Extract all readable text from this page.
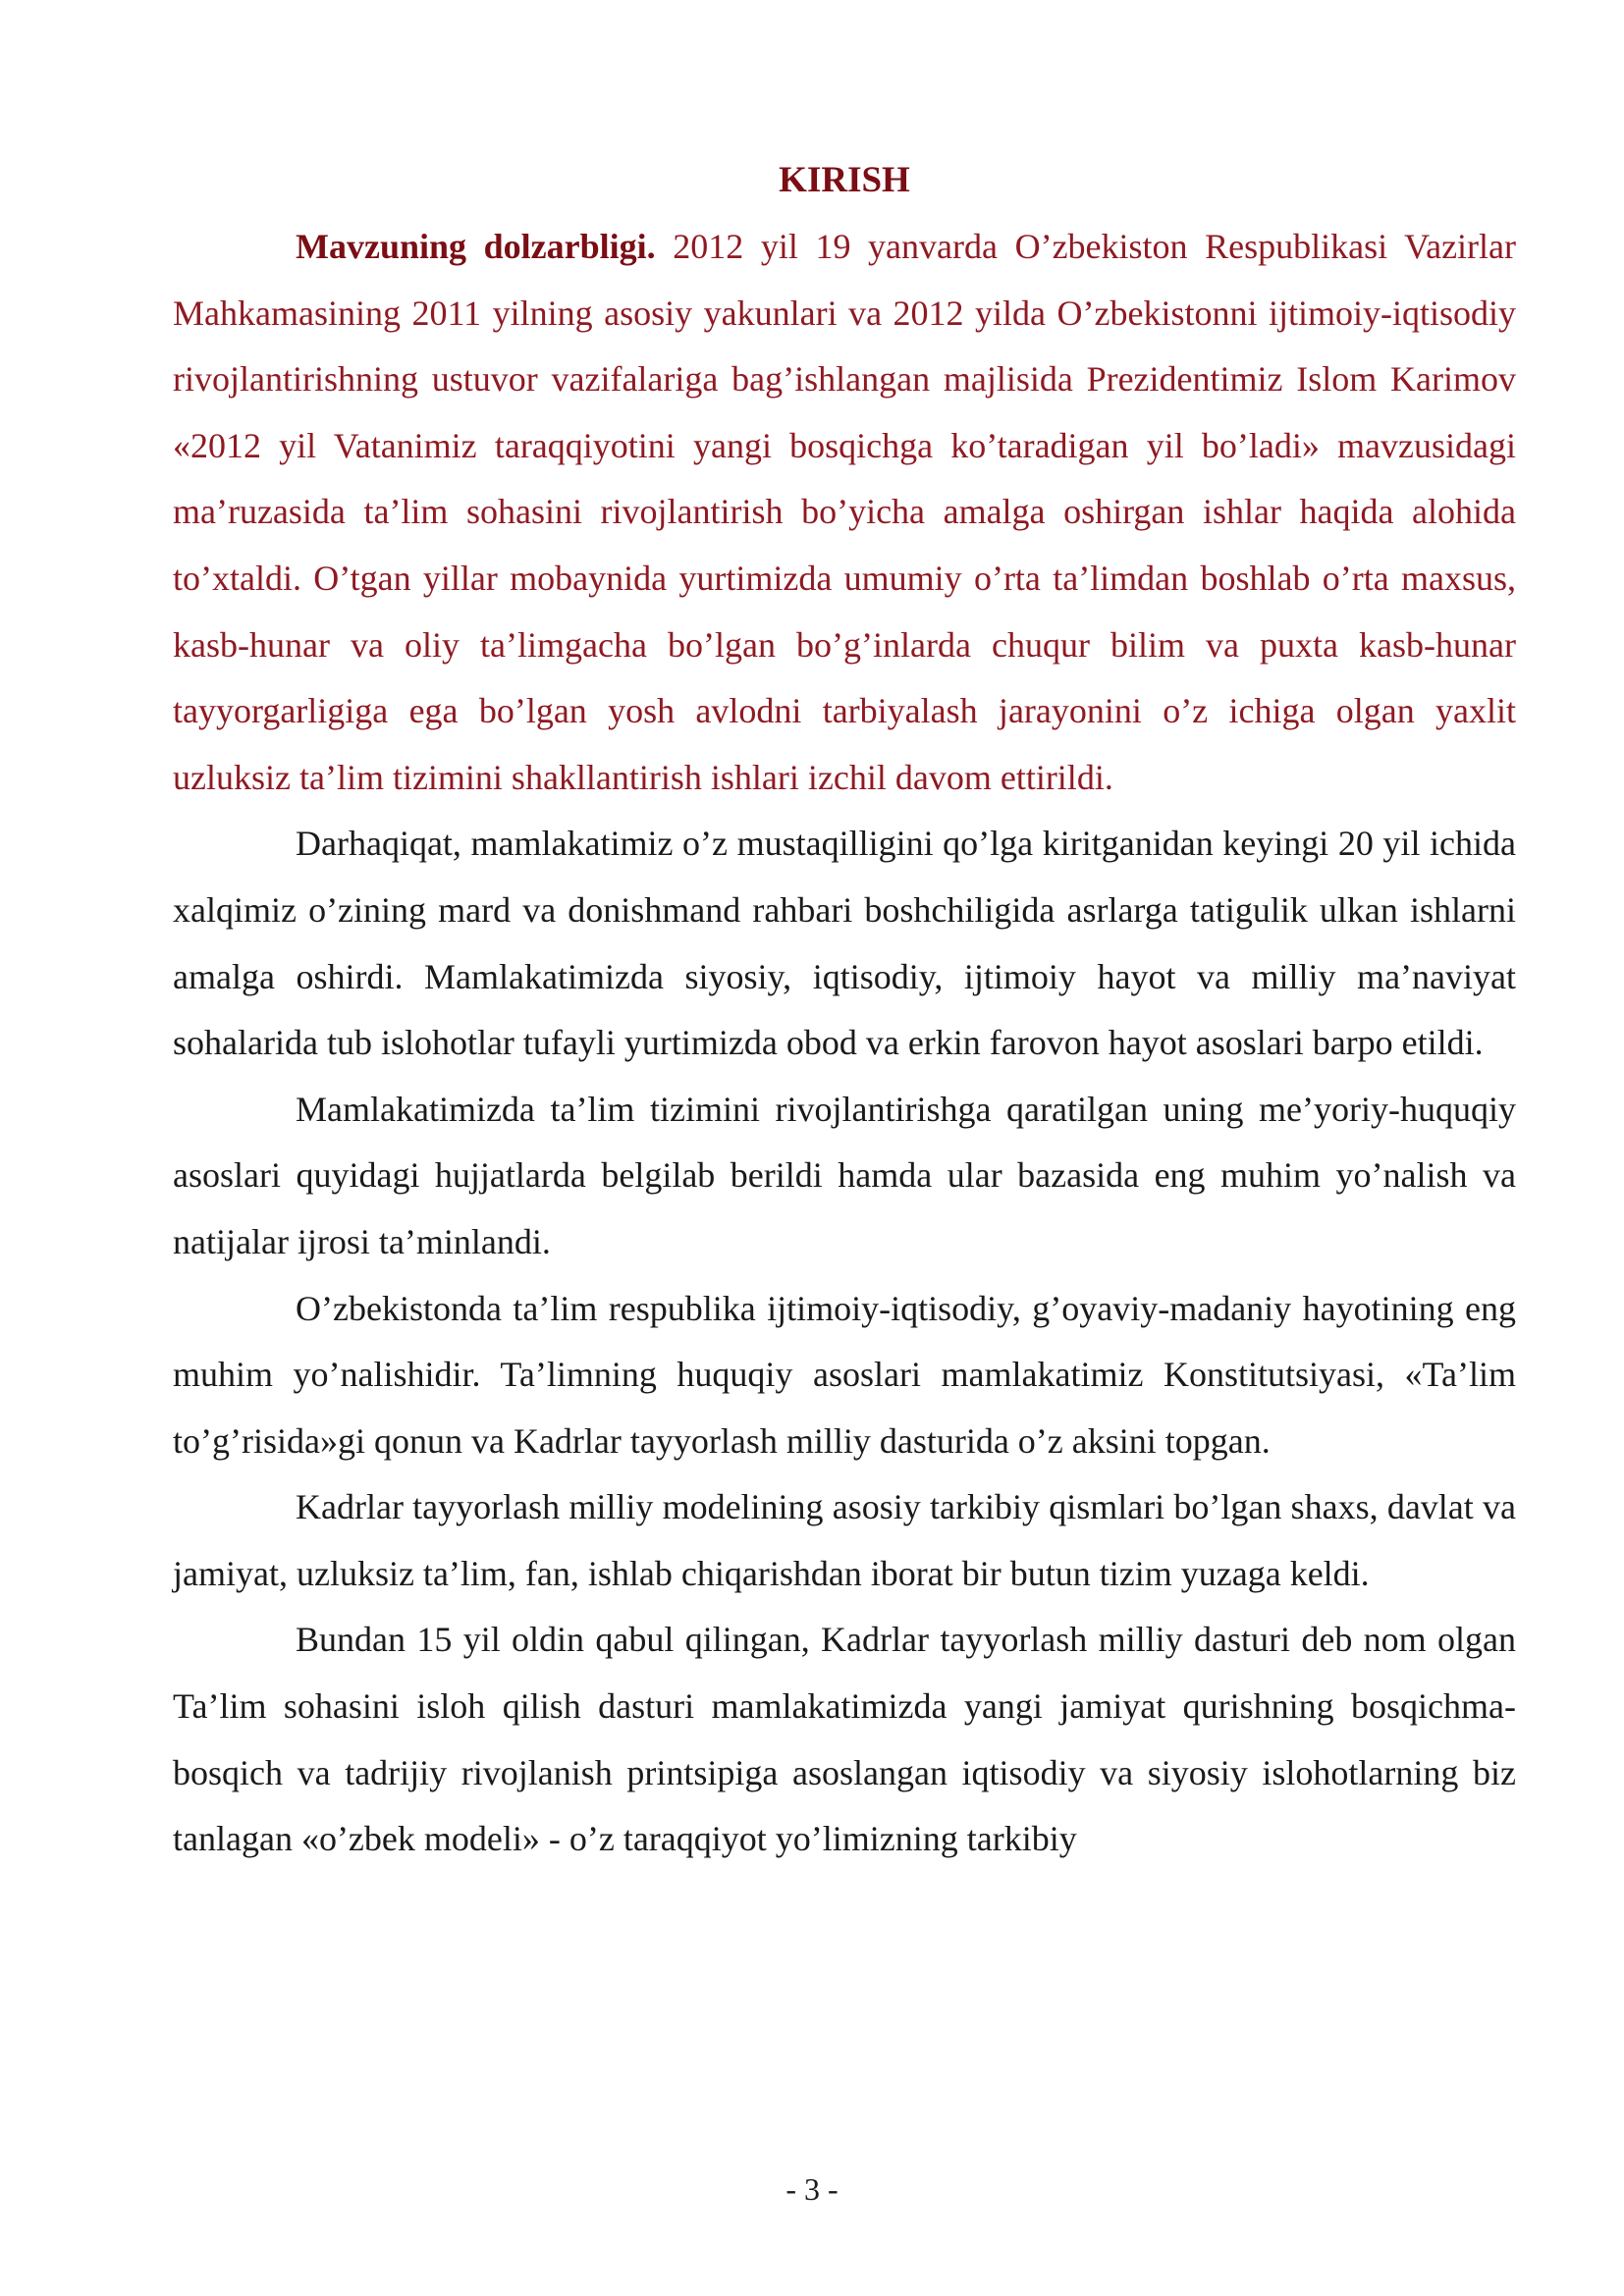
KIRISH

Mavzuning dolzarbligi. 2012 yil 19 yanvarda O’zbekiston Respublikasi Vazirlar Mahkamasining 2011 yilning asosiy yakunlari va 2012 yilda O’zbekistonni ijtimoiy-iqtisodiy rivojlantirishning ustuvor vazifalariga bag’ishlangan majlisida Prezidentimiz Islom Karimov «2012 yil Vatanimiz taraqqiyotini yangi bosqichga ko’taradigan yil bo’ladi» mavzusidagi ma’ruzasida ta’lim sohasini rivojlantirish bo’yicha amalga oshirgan ishlar haqida alohida to’xtaldi. O’tgan yillar mobaynida yurtimizda umumiy o’rta ta’limdan boshlab o’rta maxsus, kasb-hunar va oliy ta’limgacha bo’lgan bo’g’inlarda chuqur bilim va puxta kasb-hunar tayyorgarligiga ega bo’lgan yosh avlodni tarbiyalash jarayonini o’z ichiga olgan yaxlit uzluksiz ta’lim tizimini shakllantirish ishlari izchil davom ettirildi.

Darhaqiqat, mamlakatimiz o’z mustaqilligini qo’lga kiritganidan keyingi 20 yil ichida xalqimiz o’zining mard va donishmand rahbari boshchiligida asrlarga tatigulik ulkan ishlarni amalga oshirdi. Mamlakatimizda siyosiy, iqtisodiy, ijtimoiy hayot va milliy ma’naviyat sohalarida tub islohotlar tufayli yurtimizda obod va erkin farovon hayot asoslari barpo etildi.

Mamlakatimizda ta’lim tizimini rivojlantirishga qaratilgan uning me’yoriy-huquqiy asoslari quyidagi hujjatlarda belgilab berildi hamda ular bazasida eng muhim yo’nalish va natijalar ijrosi ta’minlandi.

O’zbekistonda ta’lim respublika ijtimoiy-iqtisodiy, g’oyaviy-madaniy hayotining eng muhim yo’nalishidir. Ta’limning huquqiy asoslari mamlakatimiz Konstitutsiyasi, «Ta’lim to’g’risida»gi qonun va Kadrlar tayyorlash milliy dasturida o’z aksini topgan.

Kadrlar tayyorlash milliy modelining asosiy tarkibiy qismlari bo’lgan shaxs, davlat va jamiyat, uzluksiz ta’lim, fan, ishlab chiqarishdan iborat bir butun tizim yuzaga keldi.

Bundan 15 yil oldin qabul qilingan, Kadrlar tayyorlash milliy dasturi deb nom olgan Ta’lim sohasini isloh qilish dasturi mamlakatimizda yangi jamiyat qurishning bosqichma-bosqich va tadrijiy rivojlanish printsipiga asoslangan iqtisodiy va siyosiy islohotlarning biz tanlagan «o’zbek modeli» - o’z taraqqiyot yo’limizning tarkibiy

- 3 -
